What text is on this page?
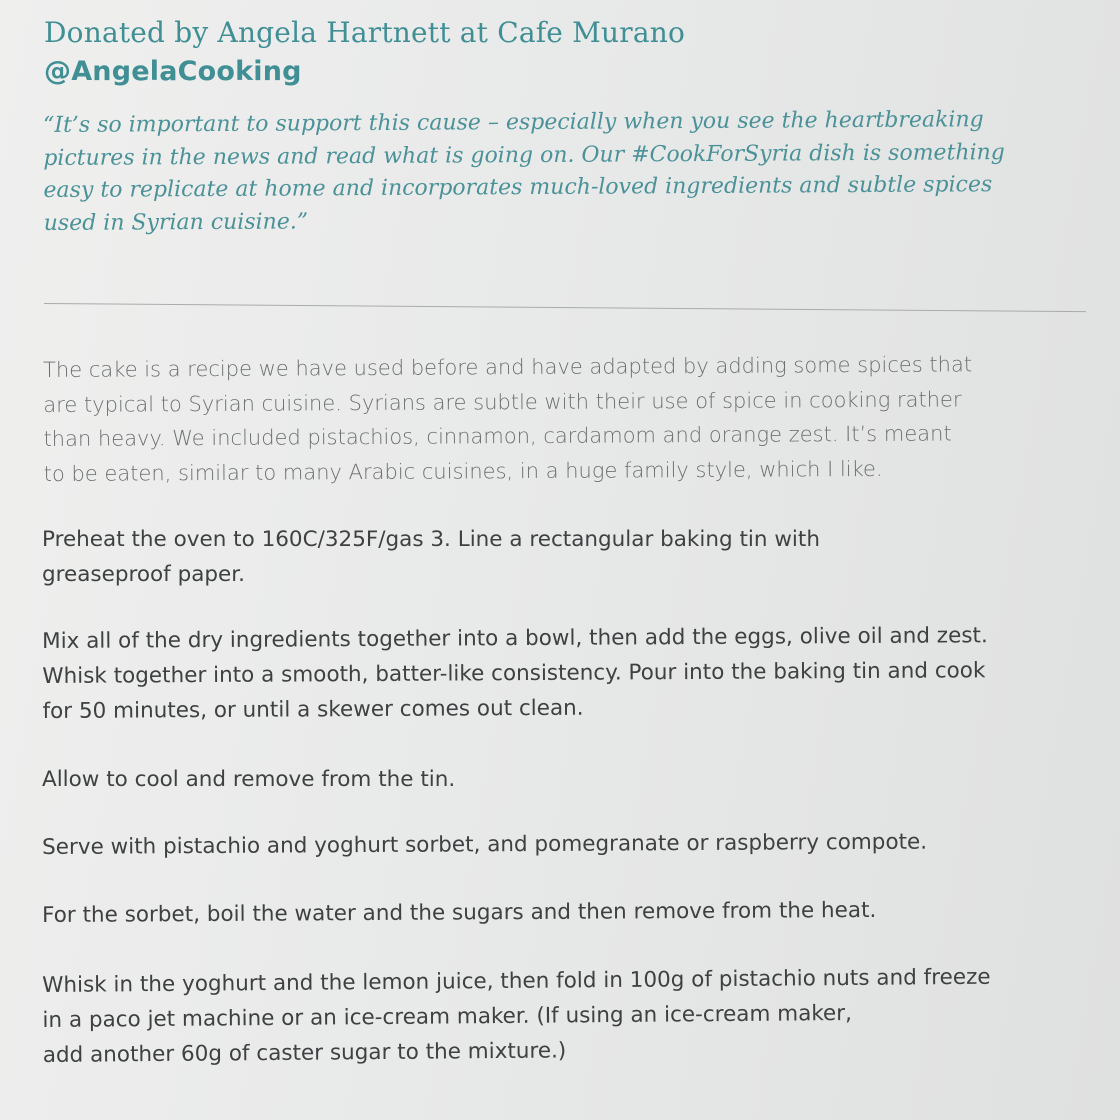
Donated by Angela Hartnett at Cafe Murano
@AngelaCooking
“It’s so important to support this cause – especially when you see the heartbreaking
pictures in the news and read what is going on. Our #CookForSyria dish is something
easy to replicate at home and incorporates much-loved ingredients and subtle spices
used in Syrian cuisine.”
The cake is a recipe we have used before and have adapted by adding some spices that
are typical to Syrian cuisine. Syrians are subtle with their use of spice in cooking rather
than heavy. We included pistachios, cinnamon, cardamom and orange zest. It’s meant
to be eaten, similar to many Arabic cuisines, in a huge family style, which I like.
Preheat the oven to 160C/325F/gas 3. Line a rectangular baking tin with
greaseproof paper.
Mix all of the dry ingredients together into a bowl, then add the eggs, olive oil and zest.
Whisk together into a smooth, batter-like consistency. Pour into the baking tin and cook
for 50 minutes, or until a skewer comes out clean.
Allow to cool and remove from the tin.
Serve with pistachio and yoghurt sorbet, and pomegranate or raspberry compote.
For the sorbet, boil the water and the sugars and then remove from the heat.
Whisk in the yoghurt and the lemon juice, then fold in 100g of pistachio nuts and freeze
in a paco jet machine or an ice-cream maker. (If using an ice-cream maker,
add another 60g of caster sugar to the mixture.)
